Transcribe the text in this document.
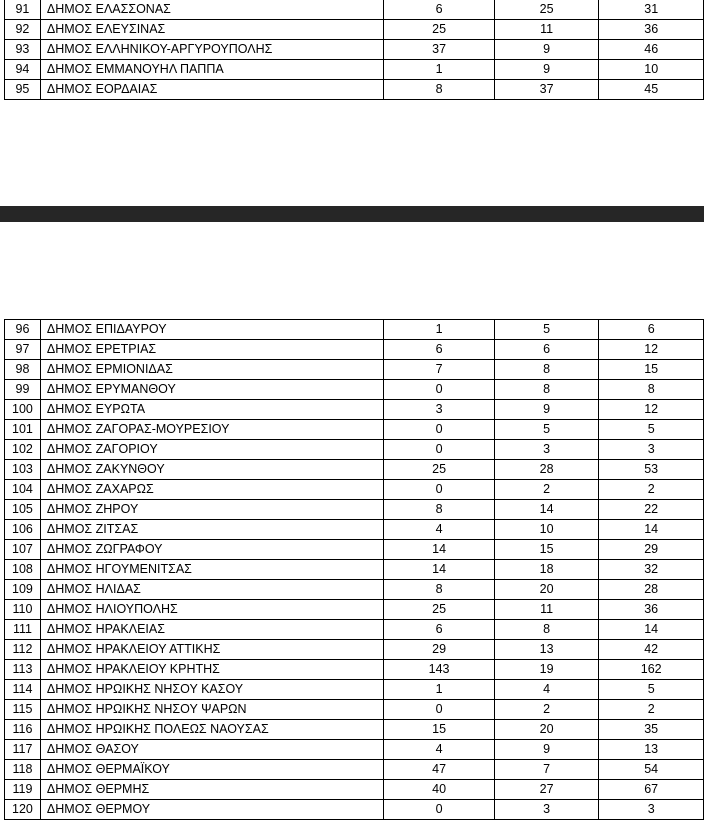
91	ΔΗΜΟΣ ΕΛΑΣΣΟΝΑΣ	6	25	31
92	ΔΗΜΟΣ ΕΛΕΥΣΙΝΑΣ	25	11	36
93	ΔΗΜΟΣ ΕΛΛΗΝΙΚΟΥ-ΑΡΓΥΡΟΥΠΟΛΗΣ	37	9	46
94	ΔΗΜΟΣ ΕΜΜΑΝΟΥΗΛ ΠΑΠΠΑ	1	9	10
95	ΔΗΜΟΣ ΕΟΡΔΑΙΑΣ	8	37	45
96	ΔΗΜΟΣ ΕΠΙΔΑΥΡΟΥ	1	5	6
97	ΔΗΜΟΣ ΕΡΕΤΡΙΑΣ	6	6	12
98	ΔΗΜΟΣ ΕΡΜΙΟΝΙΔΑΣ	7	8	15
99	ΔΗΜΟΣ ΕΡΥΜΑΝΘΟΥ	0	8	8
100	ΔΗΜΟΣ ΕΥΡΩΤΑ	3	9	12
101	ΔΗΜΟΣ ΖΑΓΟΡΑΣ-ΜΟΥΡΕΣΙΟΥ	0	5	5
102	ΔΗΜΟΣ ΖΑΓΟΡΙΟΥ	0	3	3
103	ΔΗΜΟΣ ΖΑΚΥΝΘΟΥ	25	28	53
104	ΔΗΜΟΣ ΖΑΧΑΡΩΣ	0	2	2
105	ΔΗΜΟΣ ΖΗΡΟΥ	8	14	22
106	ΔΗΜΟΣ ΖΙΤΣΑΣ	4	10	14
107	ΔΗΜΟΣ ΖΩΓΡΑΦΟΥ	14	15	29
108	ΔΗΜΟΣ ΗΓΟΥΜΕΝΙΤΣΑΣ	14	18	32
109	ΔΗΜΟΣ ΗΛΙΔΑΣ	8	20	28
110	ΔΗΜΟΣ ΗΛΙΟΥΠΟΛΗΣ	25	11	36
111	ΔΗΜΟΣ ΗΡΑΚΛΕΙΑΣ	6	8	14
112	ΔΗΜΟΣ ΗΡΑΚΛΕΙΟΥ ΑΤΤΙΚΗΣ	29	13	42
113	ΔΗΜΟΣ ΗΡΑΚΛΕΙΟΥ ΚΡΗΤΗΣ	143	19	162
114	ΔΗΜΟΣ ΗΡΩΙΚΗΣ ΝΗΣΟΥ ΚΑΣΟΥ	1	4	5
115	ΔΗΜΟΣ ΗΡΩΙΚΗΣ ΝΗΣΟΥ ΨΑΡΩΝ	0	2	2
116	ΔΗΜΟΣ ΗΡΩΙΚΗΣ ΠΟΛΕΩΣ ΝΑΟΥΣΑΣ	15	20	35
117	ΔΗΜΟΣ ΘΑΣΟΥ	4	9	13
118	ΔΗΜΟΣ ΘΕΡΜΑΪΚΟΥ	47	7	54
119	ΔΗΜΟΣ ΘΕΡΜΗΣ	40	27	67
120	ΔΗΜΟΣ ΘΕΡΜΟΥ	0	3	3
